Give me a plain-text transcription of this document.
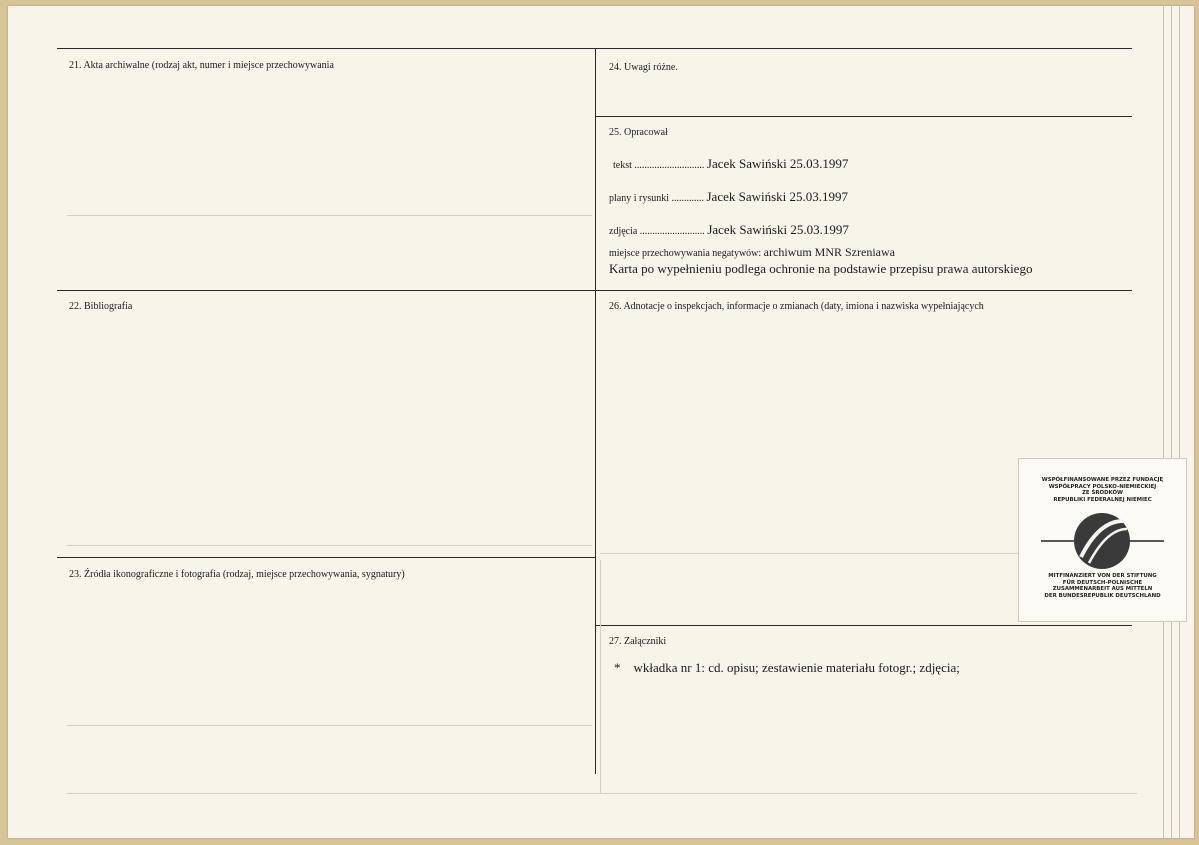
21. Akta archiwalne (rodzaj akt, numer i miejsce przechowywania	24. Uwagi różne.
25. Opracował
tekst ............................ Jacek Sawiński 25.03.1997
plany i rysunki ............. Jacek Sawiński 25.03.1997
zdjęcia .......................... Jacek Sawiński 25.03.1997
miejsce przechowywania negatywów: archiwum MNR Szreniawa
Karta po wypełnieniu podlega ochronie na podstawie przepisu prawa autorskiego
22. Bibliografia	26. Adnotacje o inspekcjach, informacje o zmianach (daty, imiona i nazwiska wypełniających
23. Źródła ikonograficzne i fotografia (rodzaj, miejsce przechowywania, sygnatury)
27. Załączniki
* wkładka nr 1: cd. opisu; zestawienie materiału fotogr.; zdjęcia;
WSPÓŁFINANSOWANE PRZEZ FUNDACJĘ
WSPÓŁPRACY POLSKO-NIEMIECKIEJ
ZE ŚRODKÓW
REPUBLIKI FEDERALNEJ NIEMIEC
MITFINANZIERT VON DER STIFTUNG
FÜR DEUTSCH-POLNISCHE
ZUSAMMENARBEIT AUS MITTELN
DER BUNDESREPUBLIK DEUTSCHLAND
